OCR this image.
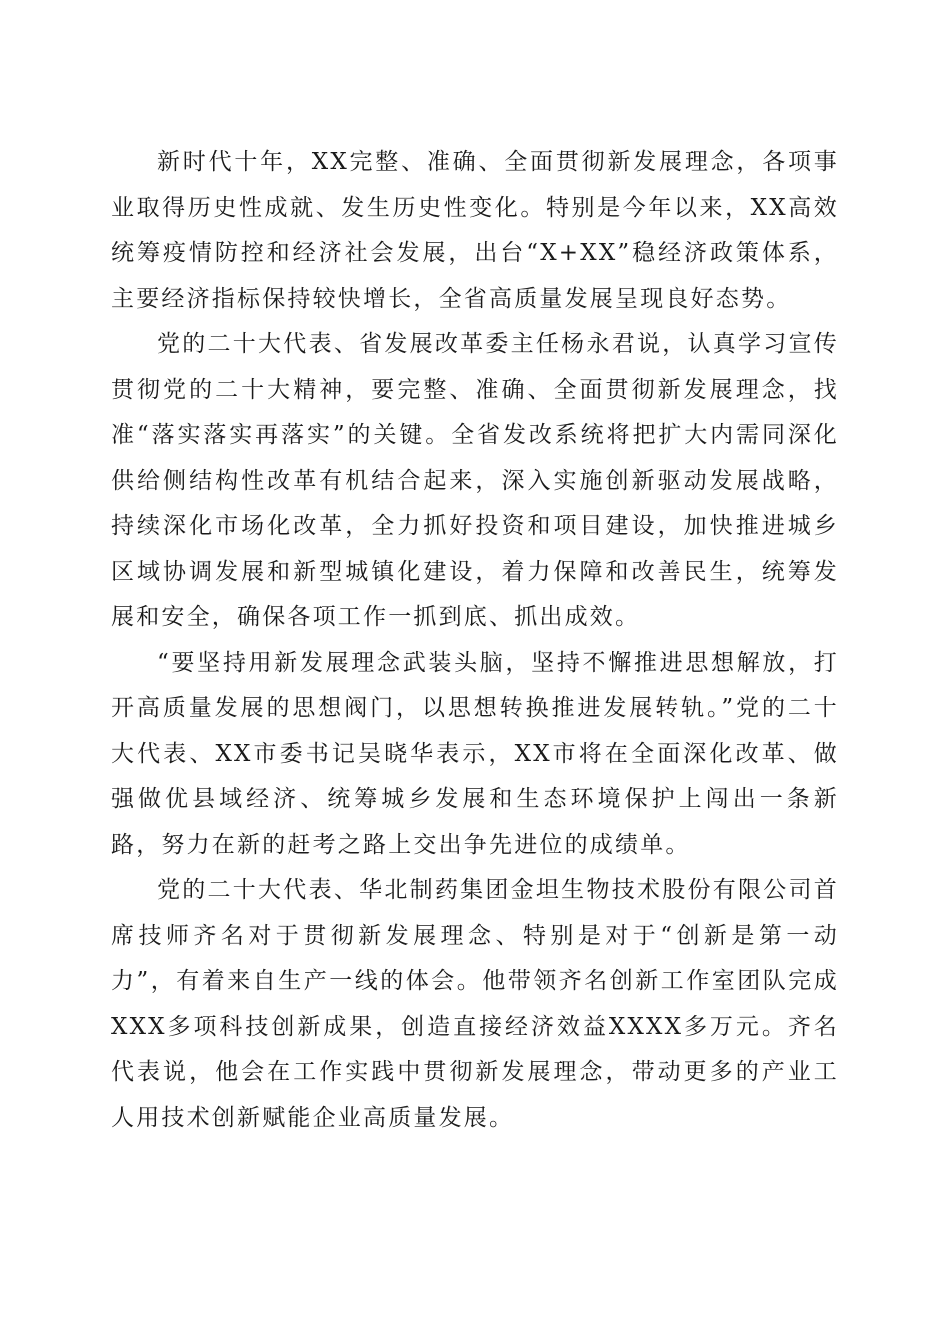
新时代十年，XX完整、准确、全面贯彻新发展理念，各项事业取得历史性成就、发生历史性变化。特别是今年以来，XX高效统筹疫情防控和经济社会发展，出台“X+XX”稳经济政策体系，主要经济指标保持较快增长，全省高质量发展呈现良好态势。

党的二十大代表、省发展改革委主任杨永君说，认真学习宣传贯彻党的二十大精神，要完整、准确、全面贯彻新发展理念，找准“落实落实再落实”的关键。全省发改系统将把扩大内需同深化供给侧结构性改革有机结合起来，深入实施创新驱动发展战略，持续深化市场化改革，全力抓好投资和项目建设，加快推进城乡区域协调发展和新型城镇化建设，着力保障和改善民生，统筹发展和安全，确保各项工作一抓到底、抓出成效。

“要坚持用新发展理念武装头脑，坚持不懈推进思想解放，打开高质量发展的思想阀门，以思想转换推进发展转轨。”党的二十大代表、XX市委书记吴晓华表示，XX市将在全面深化改革、做强做优县域经济、统筹城乡发展和生态环境保护上闯出一条新路，努力在新的赶考之路上交出争先进位的成绩单。

党的二十大代表、华北制药集团金坦生物技术股份有限公司首席技师齐名对于贯彻新发展理念、特别是对于“创新是第一动力”，有着来自生产一线的体会。他带领齐名创新工作室团队完成XXX多项科技创新成果，创造直接经济效益XXXX多万元。齐名代表说，他会在工作实践中贯彻新发展理念，带动更多的产业工人用技术创新赋能企业高质量发展。
